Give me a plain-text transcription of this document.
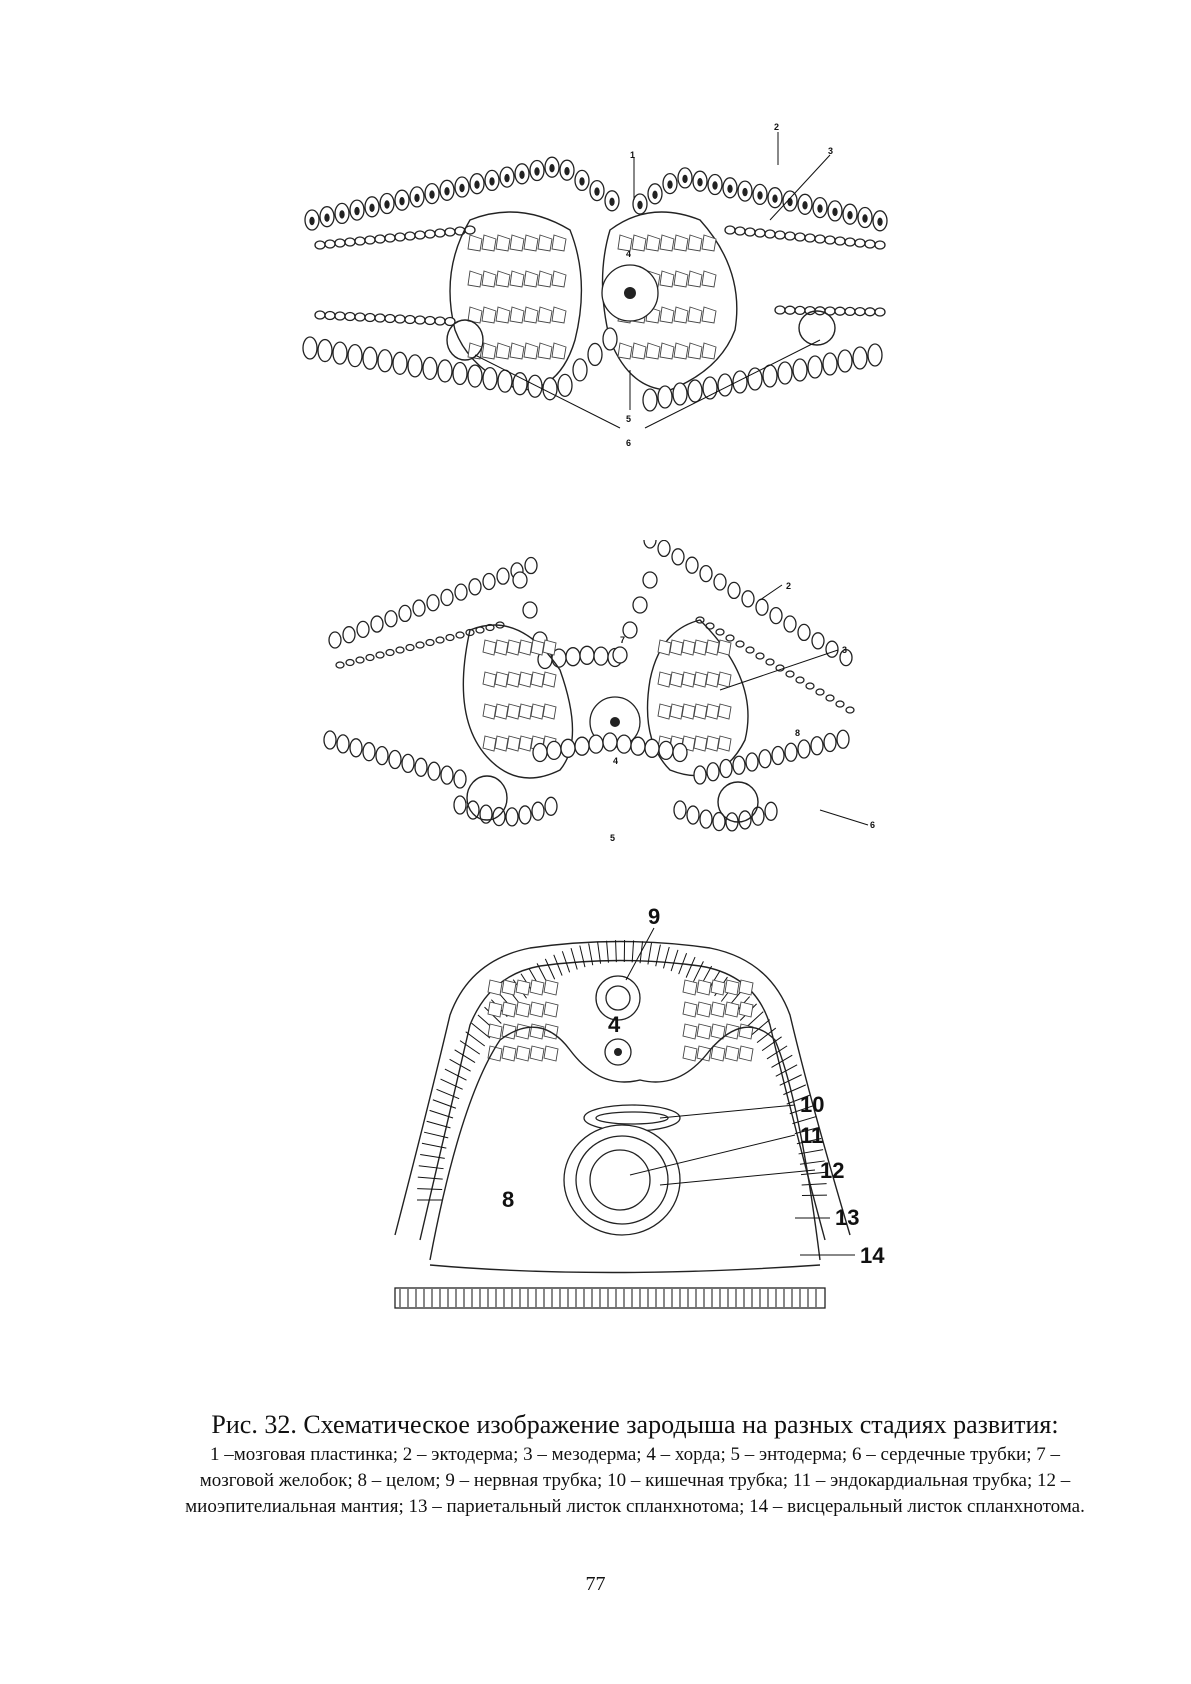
1
2
3
4
5
6
2
3
7
4
8
5
6
9
4
10
11
12
8
13
14

Рис. 32. Схематическое изображение зародыша на разных стадиях развития:

1 –мозговая пластинка; 2 – эктодерма; 3 – мезодерма; 4 – хорда; 5 – энтодерма; 6 – сердечные трубки; 7 – мозговой желобок; 8 – целом; 9 – нервная трубка; 10 – кишечная трубка; 11 – эндокардиальная трубка; 12 – миоэпителиальная мантия; 13 – париетальный листок спланхнотома; 14 – висцеральный листок спланхнотома.

77
